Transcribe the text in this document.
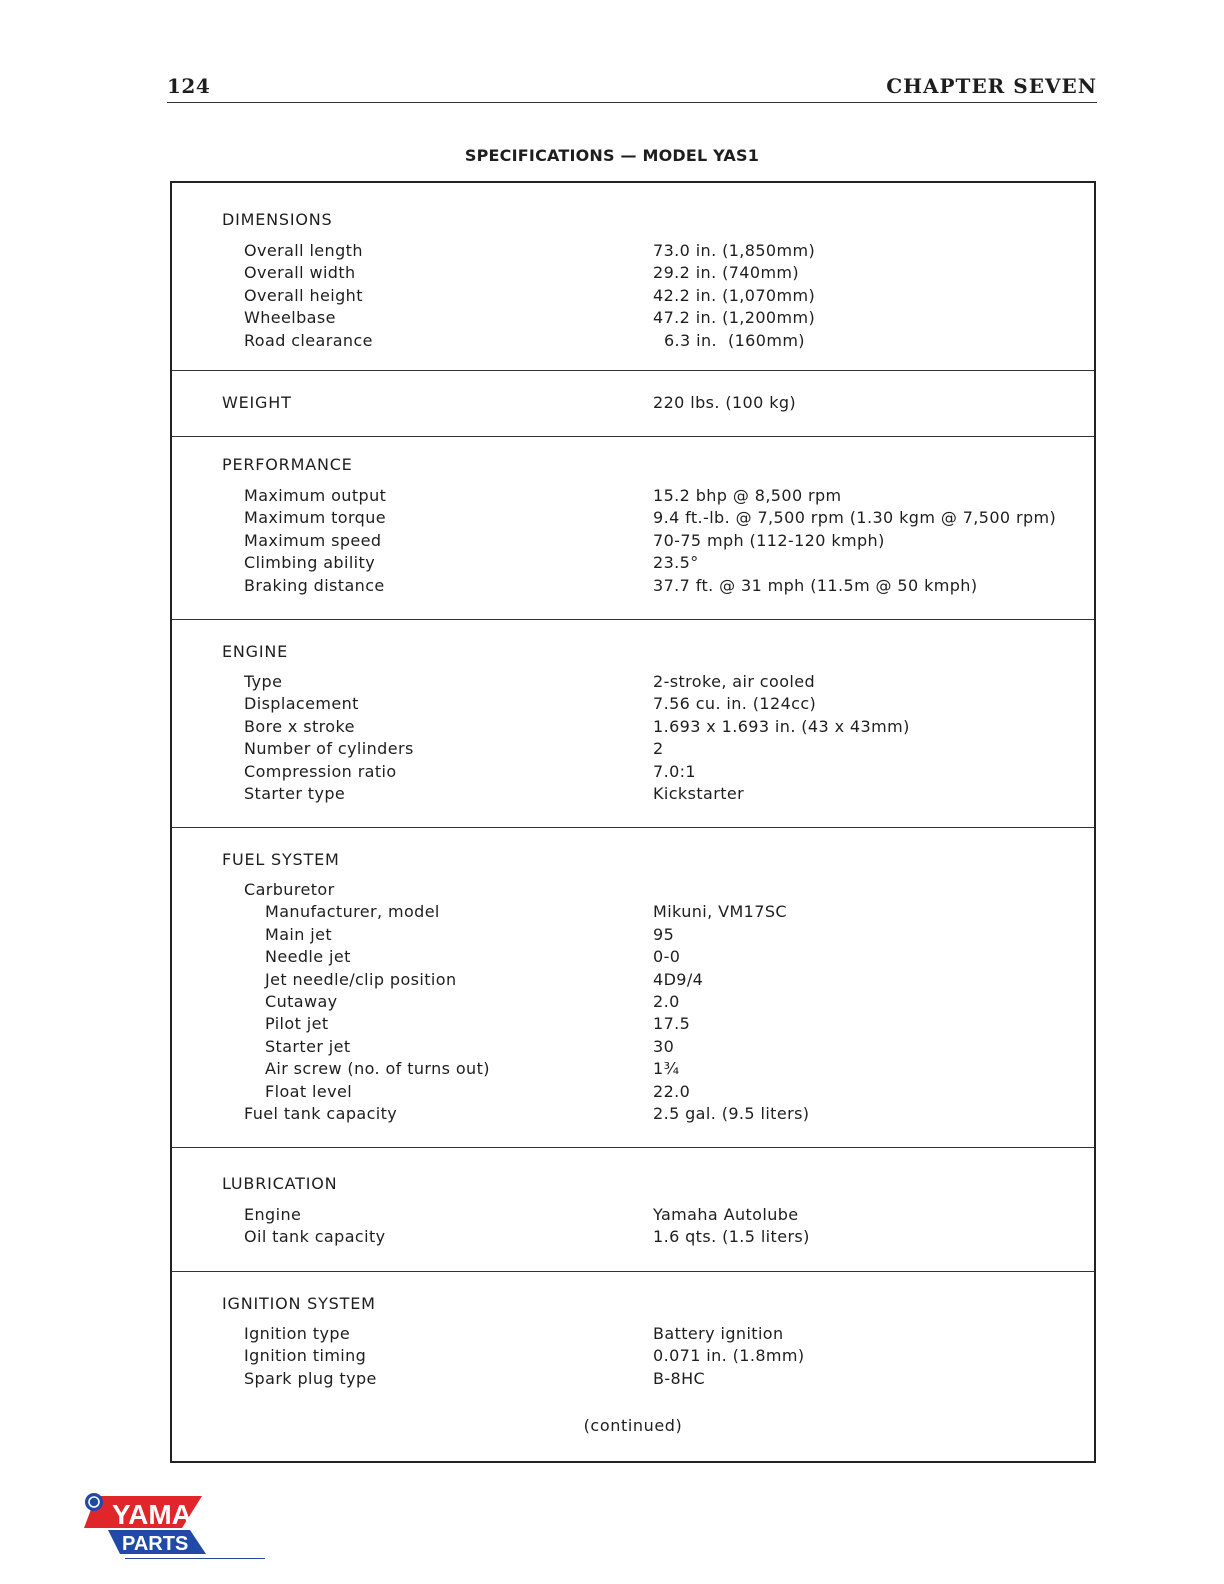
124	CHAPTER SEVEN
SPECIFICATIONS — MODEL YAS1
DIMENSIONS
Overall length	73.0 in. (1,850mm)
Overall width	29.2 in. (740mm)
Overall height	42.2 in. (1,070mm)
Wheelbase	47.2 in. (1,200mm)
Road clearance	6.3 in.  (160mm)
WEIGHT	220 lbs. (100 kg)
PERFORMANCE
Maximum output	15.2 bhp @ 8,500 rpm
Maximum torque	9.4 ft.-lb. @ 7,500 rpm (1.30 kgm @ 7,500 rpm)
Maximum speed	70-75 mph (112-120 kmph)
Climbing ability	23.5°
Braking distance	37.7 ft. @ 31 mph (11.5m @ 50 kmph)
ENGINE
Type	2-stroke, air cooled
Displacement	7.56 cu. in. (124cc)
Bore x stroke	1.693 x 1.693 in. (43 x 43mm)
Number of cylinders	2
Compression ratio	7.0:1
Starter type	Kickstarter
FUEL SYSTEM
Carburetor
Manufacturer, model	Mikuni, VM17SC
Main jet	95
Needle jet	0-0
Jet needle/clip position	4D9/4
Cutaway	2.0
Pilot jet	17.5
Starter jet	30
Air screw (no. of turns out)	1¾
Float level	22.0
Fuel tank capacity	2.5 gal. (9.5 liters)
LUBRICATION
Engine	Yamaha Autolube
Oil tank capacity	1.6 qts. (1.5 liters)
IGNITION SYSTEM
Ignition type	Battery ignition
Ignition timing	0.071 in. (1.8mm)
Spark plug type	B-8HC
(continued)
YAMA
PARTS
